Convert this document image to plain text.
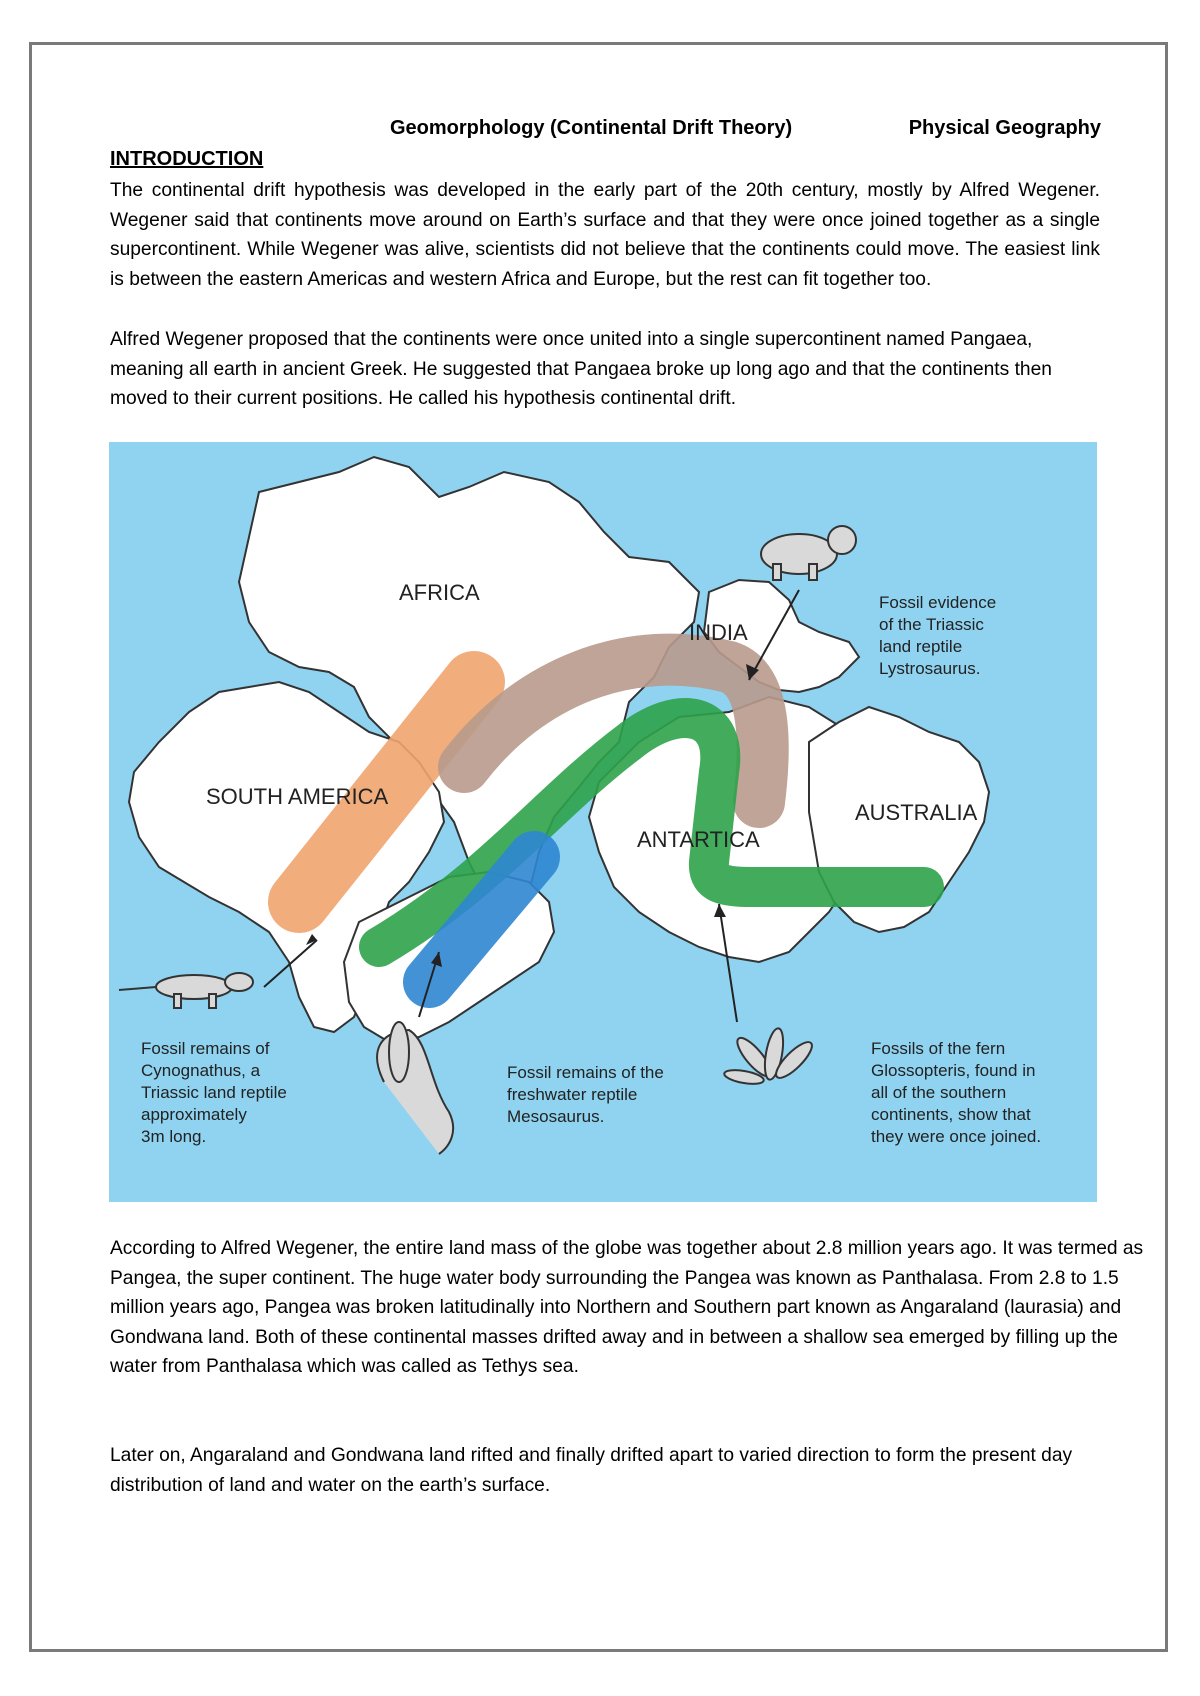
Geomorphology (Continental Drift Theory)	Physical Geography
INTRODUCTION
The continental drift hypothesis was developed in the early part of the 20th century, mostly by Alfred Wegener. Wegener said that continents move around on Earth’s surface and that they were once joined together as a single supercontinent. While Wegener was alive, scientists did not believe that the continents could move. The easiest link is between the eastern Americas and western Africa and Europe, but the rest can fit together too.
Alfred Wegener proposed that the continents were once united into a single supercontinent named Pangaea, meaning all earth in ancient Greek. He suggested that Pangaea broke up long ago and that the continents then moved to their current positions. He called his hypothesis continental drift.
AFRICA
INDIA
SOUTH AMERICA
ANTARTICA
AUSTRALIA
Fossil evidence of the Triassic land reptile Lystrosaurus.
Fossil remains of Cynognathus, a Triassic land reptile approximately 3m long.
Fossil remains of the freshwater reptile Mesosaurus.
Fossils of the fern Glossopteris, found in all of the southern continents, show that they were once joined.
According to Alfred Wegener, the entire land mass of the globe was together about 2.8 million years ago. It was termed as Pangea, the super continent. The huge water body surrounding the Pangea was known as Panthalasa. From 2.8 to 1.5 million years ago, Pangea was broken latitudinally into Northern and Southern part known as Angaraland (laurasia) and Gondwana land. Both of these continental masses drifted away and in between a shallow sea emerged by filling up the water from Panthalasa which was called as Tethys sea.
Later on, Angaraland and Gondwana land rifted and finally drifted apart to varied direction to form the present day distribution of land and water on the earth’s surface.
